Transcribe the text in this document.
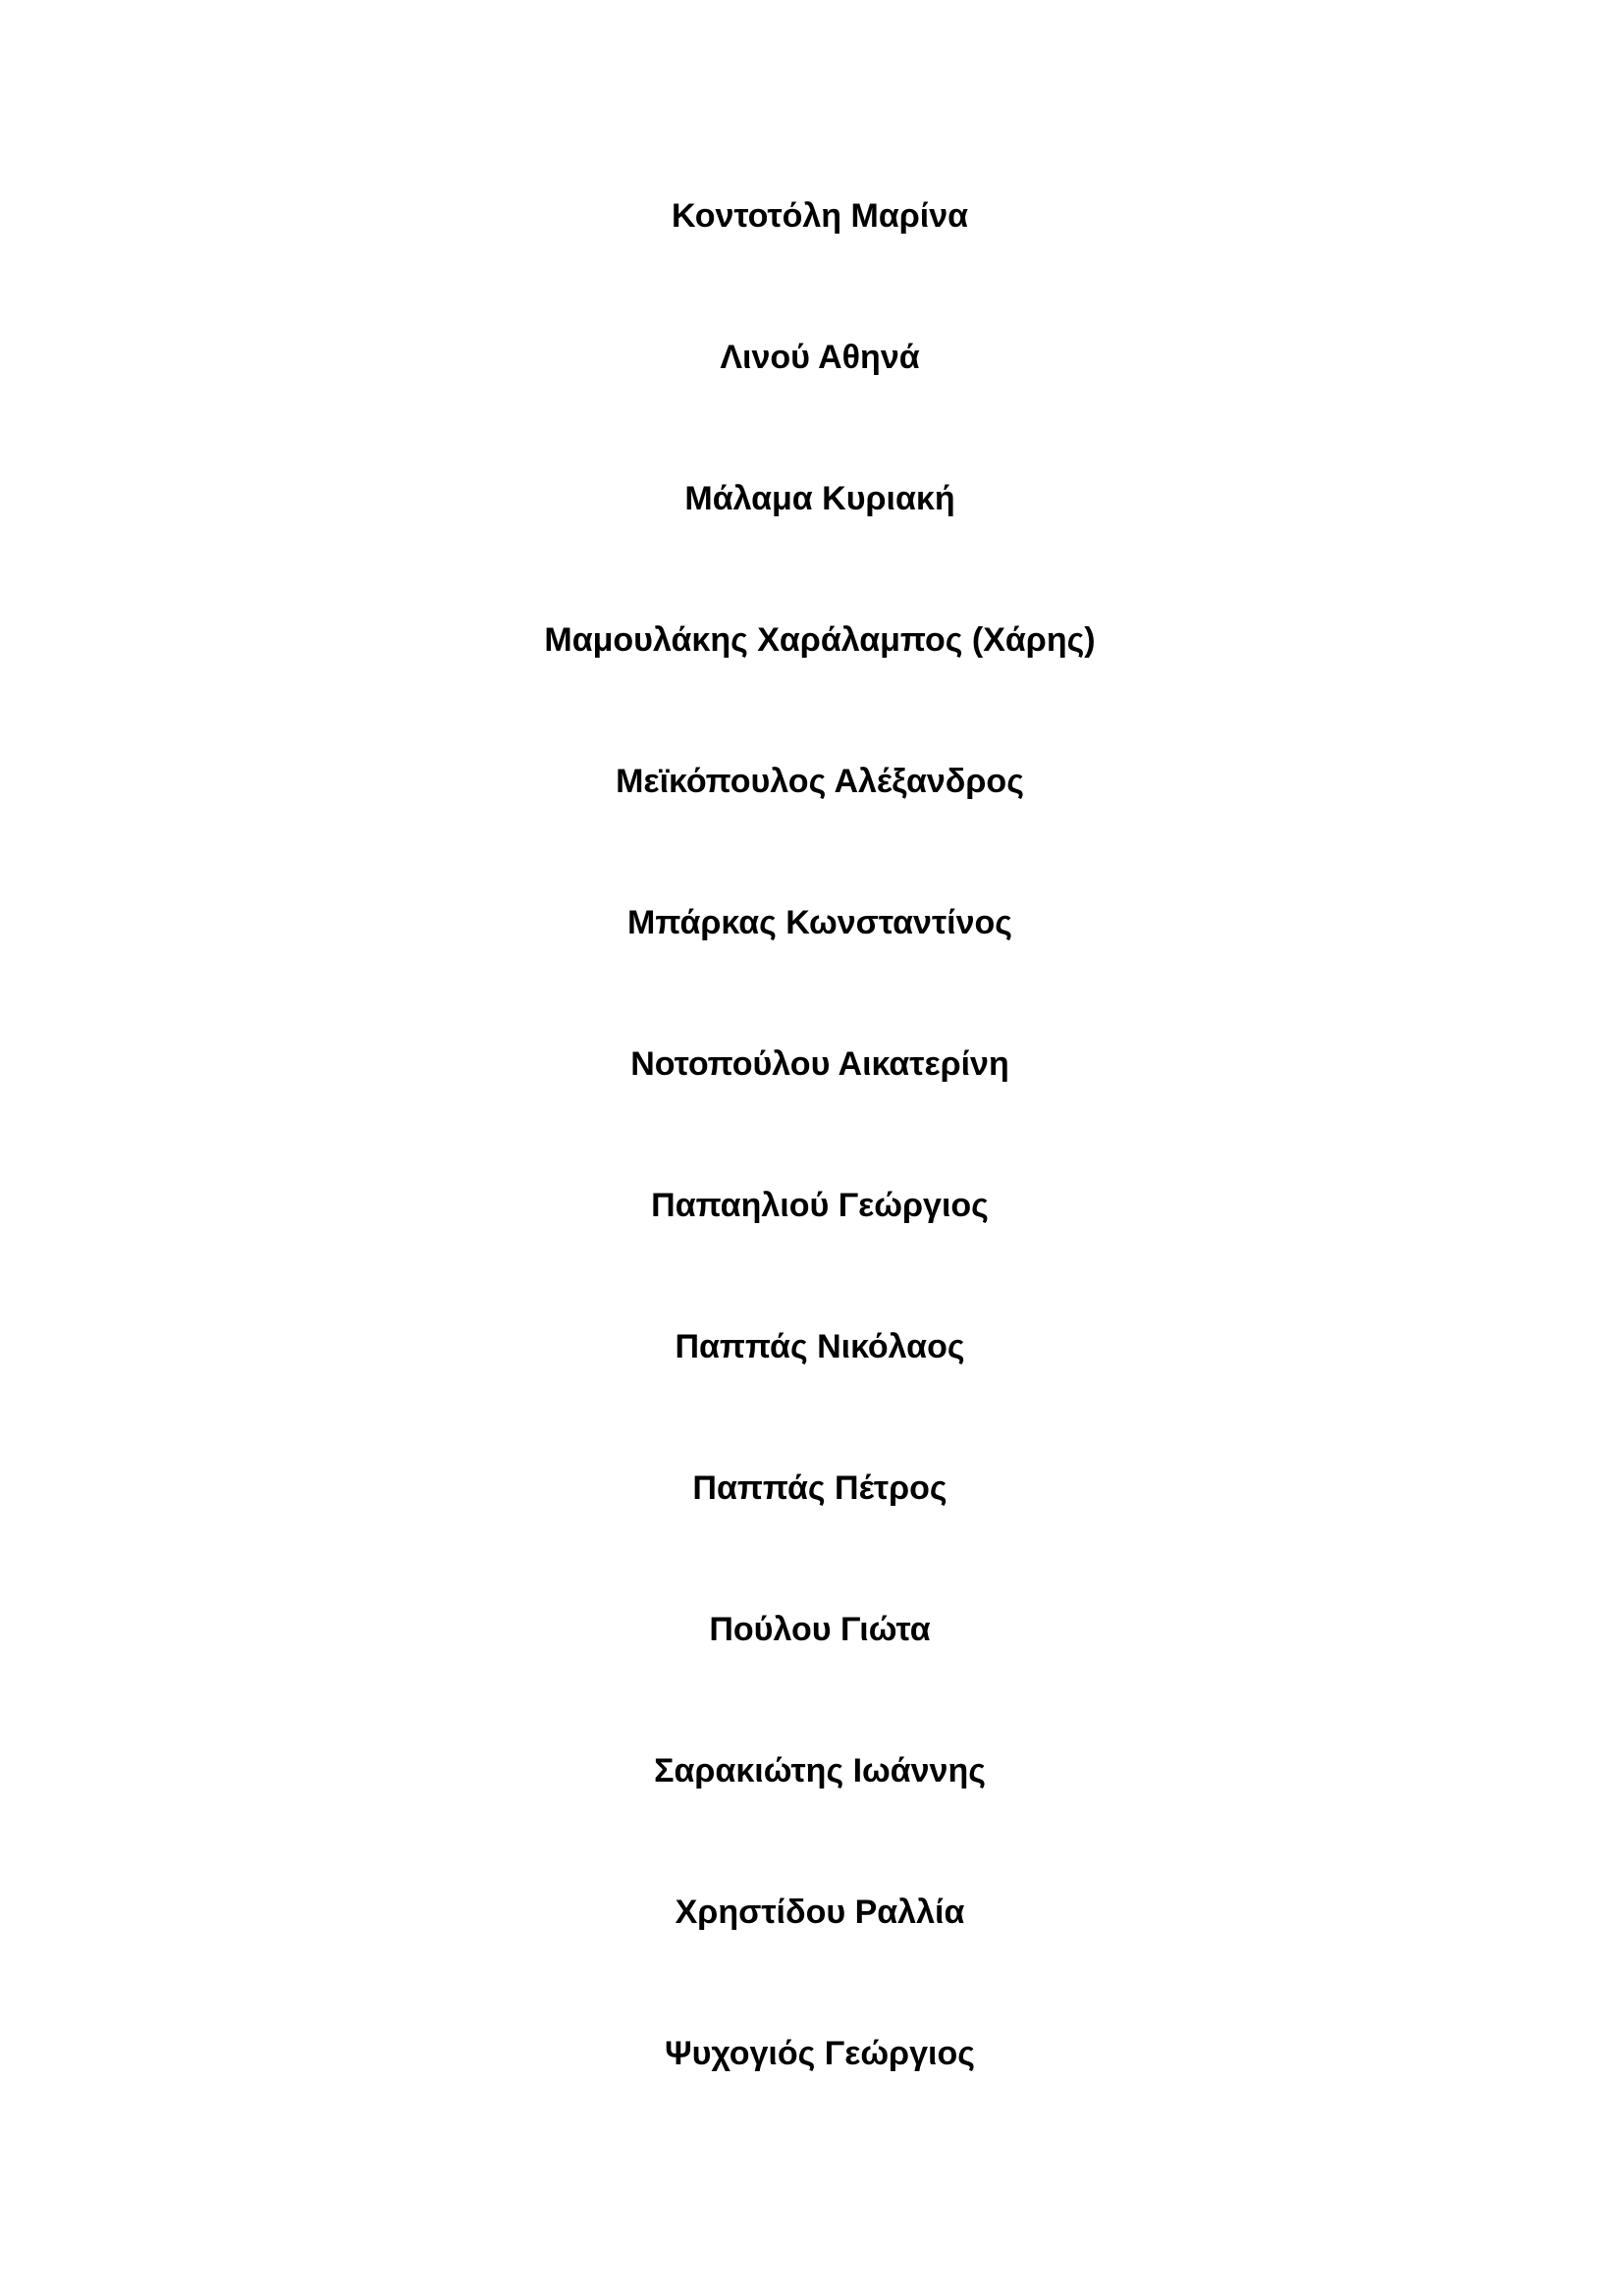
Κοντοτόλη Μαρίνα
Λινού Αθηνά
Μάλαμα Κυριακή
Μαμουλάκης Χαράλαμπος (Χάρης)
Μεϊκόπουλος Αλέξανδρος
Μπάρκας Κωνσταντίνος
Νοτοπούλου Αικατερίνη
Παπαηλιού Γεώργιος
Παππάς Νικόλαος
Παππάς Πέτρος
Πούλου Γιώτα
Σαρακιώτης Ιωάννης
Χρηστίδου Ραλλία
Ψυχογιός Γεώργιος
